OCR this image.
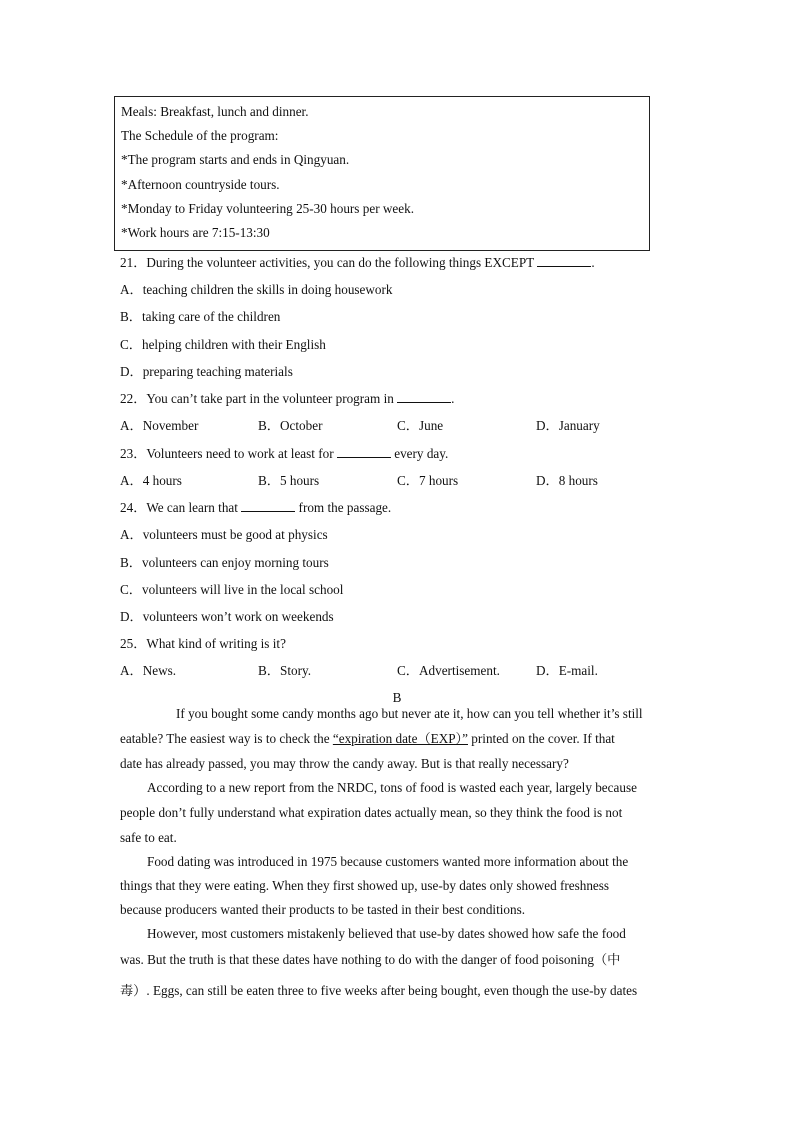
Meals: Breakfast, lunch and dinner.
The Schedule of the program:
*The program starts and ends in Qingyuan.
*Afternoon countryside tours.
*Monday to Friday volunteering 25-30 hours per week.
*Work hours are 7:15-13:30
21．During the volunteer activities, you can do the following things EXCEPT	.
A．teaching children the skills in doing housework
B．taking care of the children
C．helping children with their English
D．preparing teaching materials
22．You can’t take part in the volunteer program in	.
A．November	B．October	C．June	D．January
23．Volunteers need to work at least for	every day.
A．4 hours	B．5 hours	C．7 hours	D．8 hours
24．We can learn that	from the passage.
A．volunteers must be good at physics
B．volunteers can enjoy morning tours
C．volunteers will live in the local school
D．volunteers won’t work on weekends
25．What kind of writing is it?
A．News.	B．Story.	C．Advertisement.	D．E-mail.
B
If you bought some candy months ago but never ate it, how can you tell whether it’s still
eatable? The easiest way is to check the “expiration date（EXP）” printed on the cover. If that
date has already passed, you may throw the candy away. But is that really necessary?
According to a new report from the NRDC, tons of food is wasted each year, largely because
people don’t fully understand what expiration dates actually mean, so they think the food is not
safe to eat.
Food dating was introduced in 1975 because customers wanted more information about the
things that they were eating. When they first showed up, use-by dates only showed freshness
because producers wanted their products to be tasted in their best conditions.
However, most customers mistakenly believed that use-by dates showed how safe the food
was. But the truth is that these dates have nothing to do with the danger of food poisoning（中
毒）. Eggs, can still be eaten three to five weeks after being bought, even though the use-by dates
